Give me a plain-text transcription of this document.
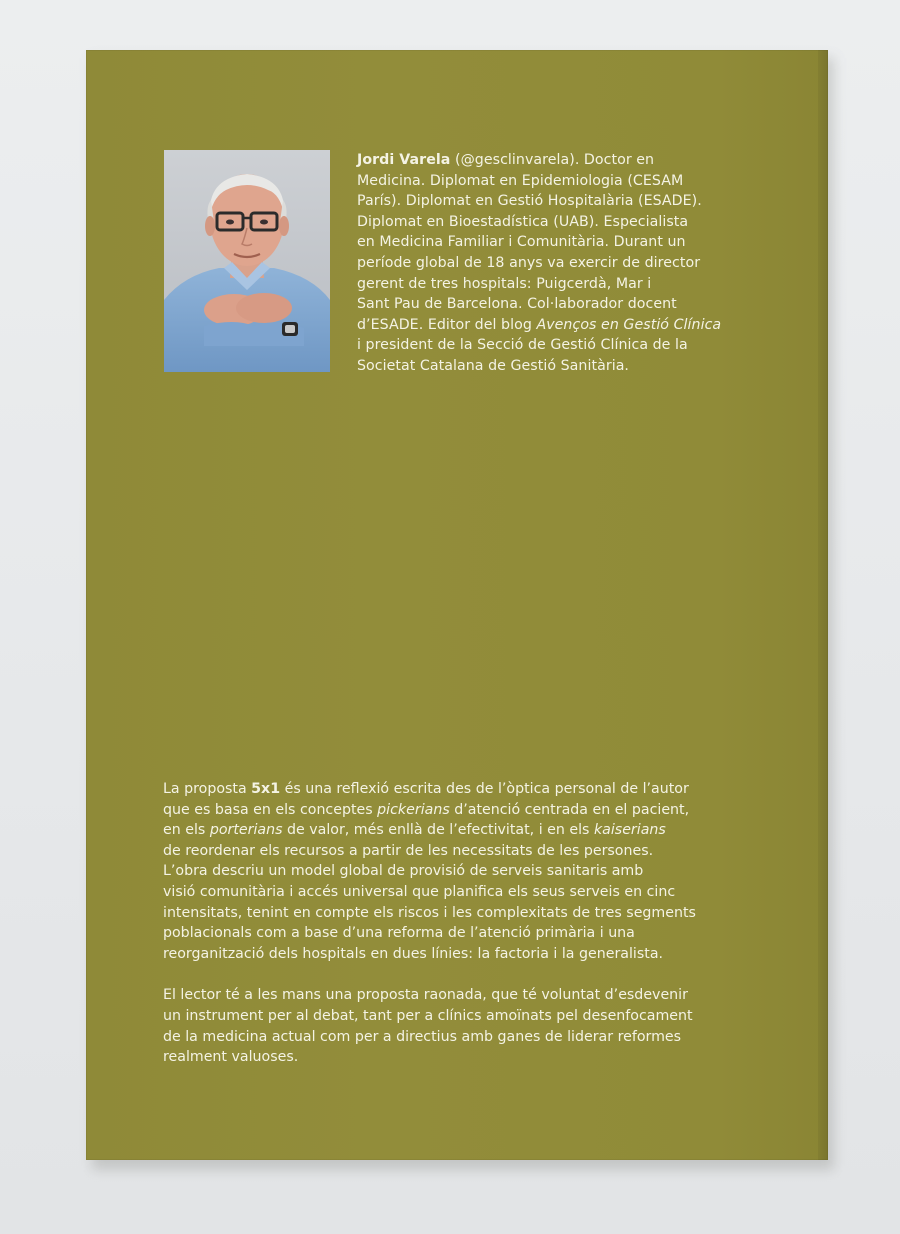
Jordi Varela (@gesclinvarela). Doctor en
Medicina. Diplomat en Epidemiologia (CESAM
París). Diplomat en Gestió Hospitalària (ESADE).
Diplomat en Bioestadística (UAB). Especialista
en Medicina Familiar i Comunitària. Durant un
període global de 18 anys va exercir de director
gerent de tres hospitals: Puigcerdà, Mar i
Sant Pau de Barcelona. Col·laborador docent
d’ESADE. Editor del blog Avenços en Gestió Clínica
i president de la Secció de Gestió Clínica de la
Societat Catalana de Gestió Sanitària.
La proposta 5x1 és una reflexió escrita des de l’òptica personal de l’autor
que es basa en els conceptes pickerians d’atenció centrada en el pacient,
en els porterians de valor, més enllà de l’efectivitat, i en els kaiserians
de reordenar els recursos a partir de les necessitats de les persones.
L’obra descriu un model global de provisió de serveis sanitaris amb
visió comunitària i accés universal que planifica els seus serveis en cinc
intensitats, tenint en compte els riscos i les complexitats de tres segments
poblacionals com a base d’una reforma de l’atenció primària i una
reorganització dels hospitals en dues línies: la factoria i la generalista.
El lector té a les mans una proposta raonada, que té voluntat d’esdevenir
un instrument per al debat, tant per a clínics amoïnats pel desenfocament
de la medicina actual com per a directius amb ganes de liderar reformes
realment valuoses.
